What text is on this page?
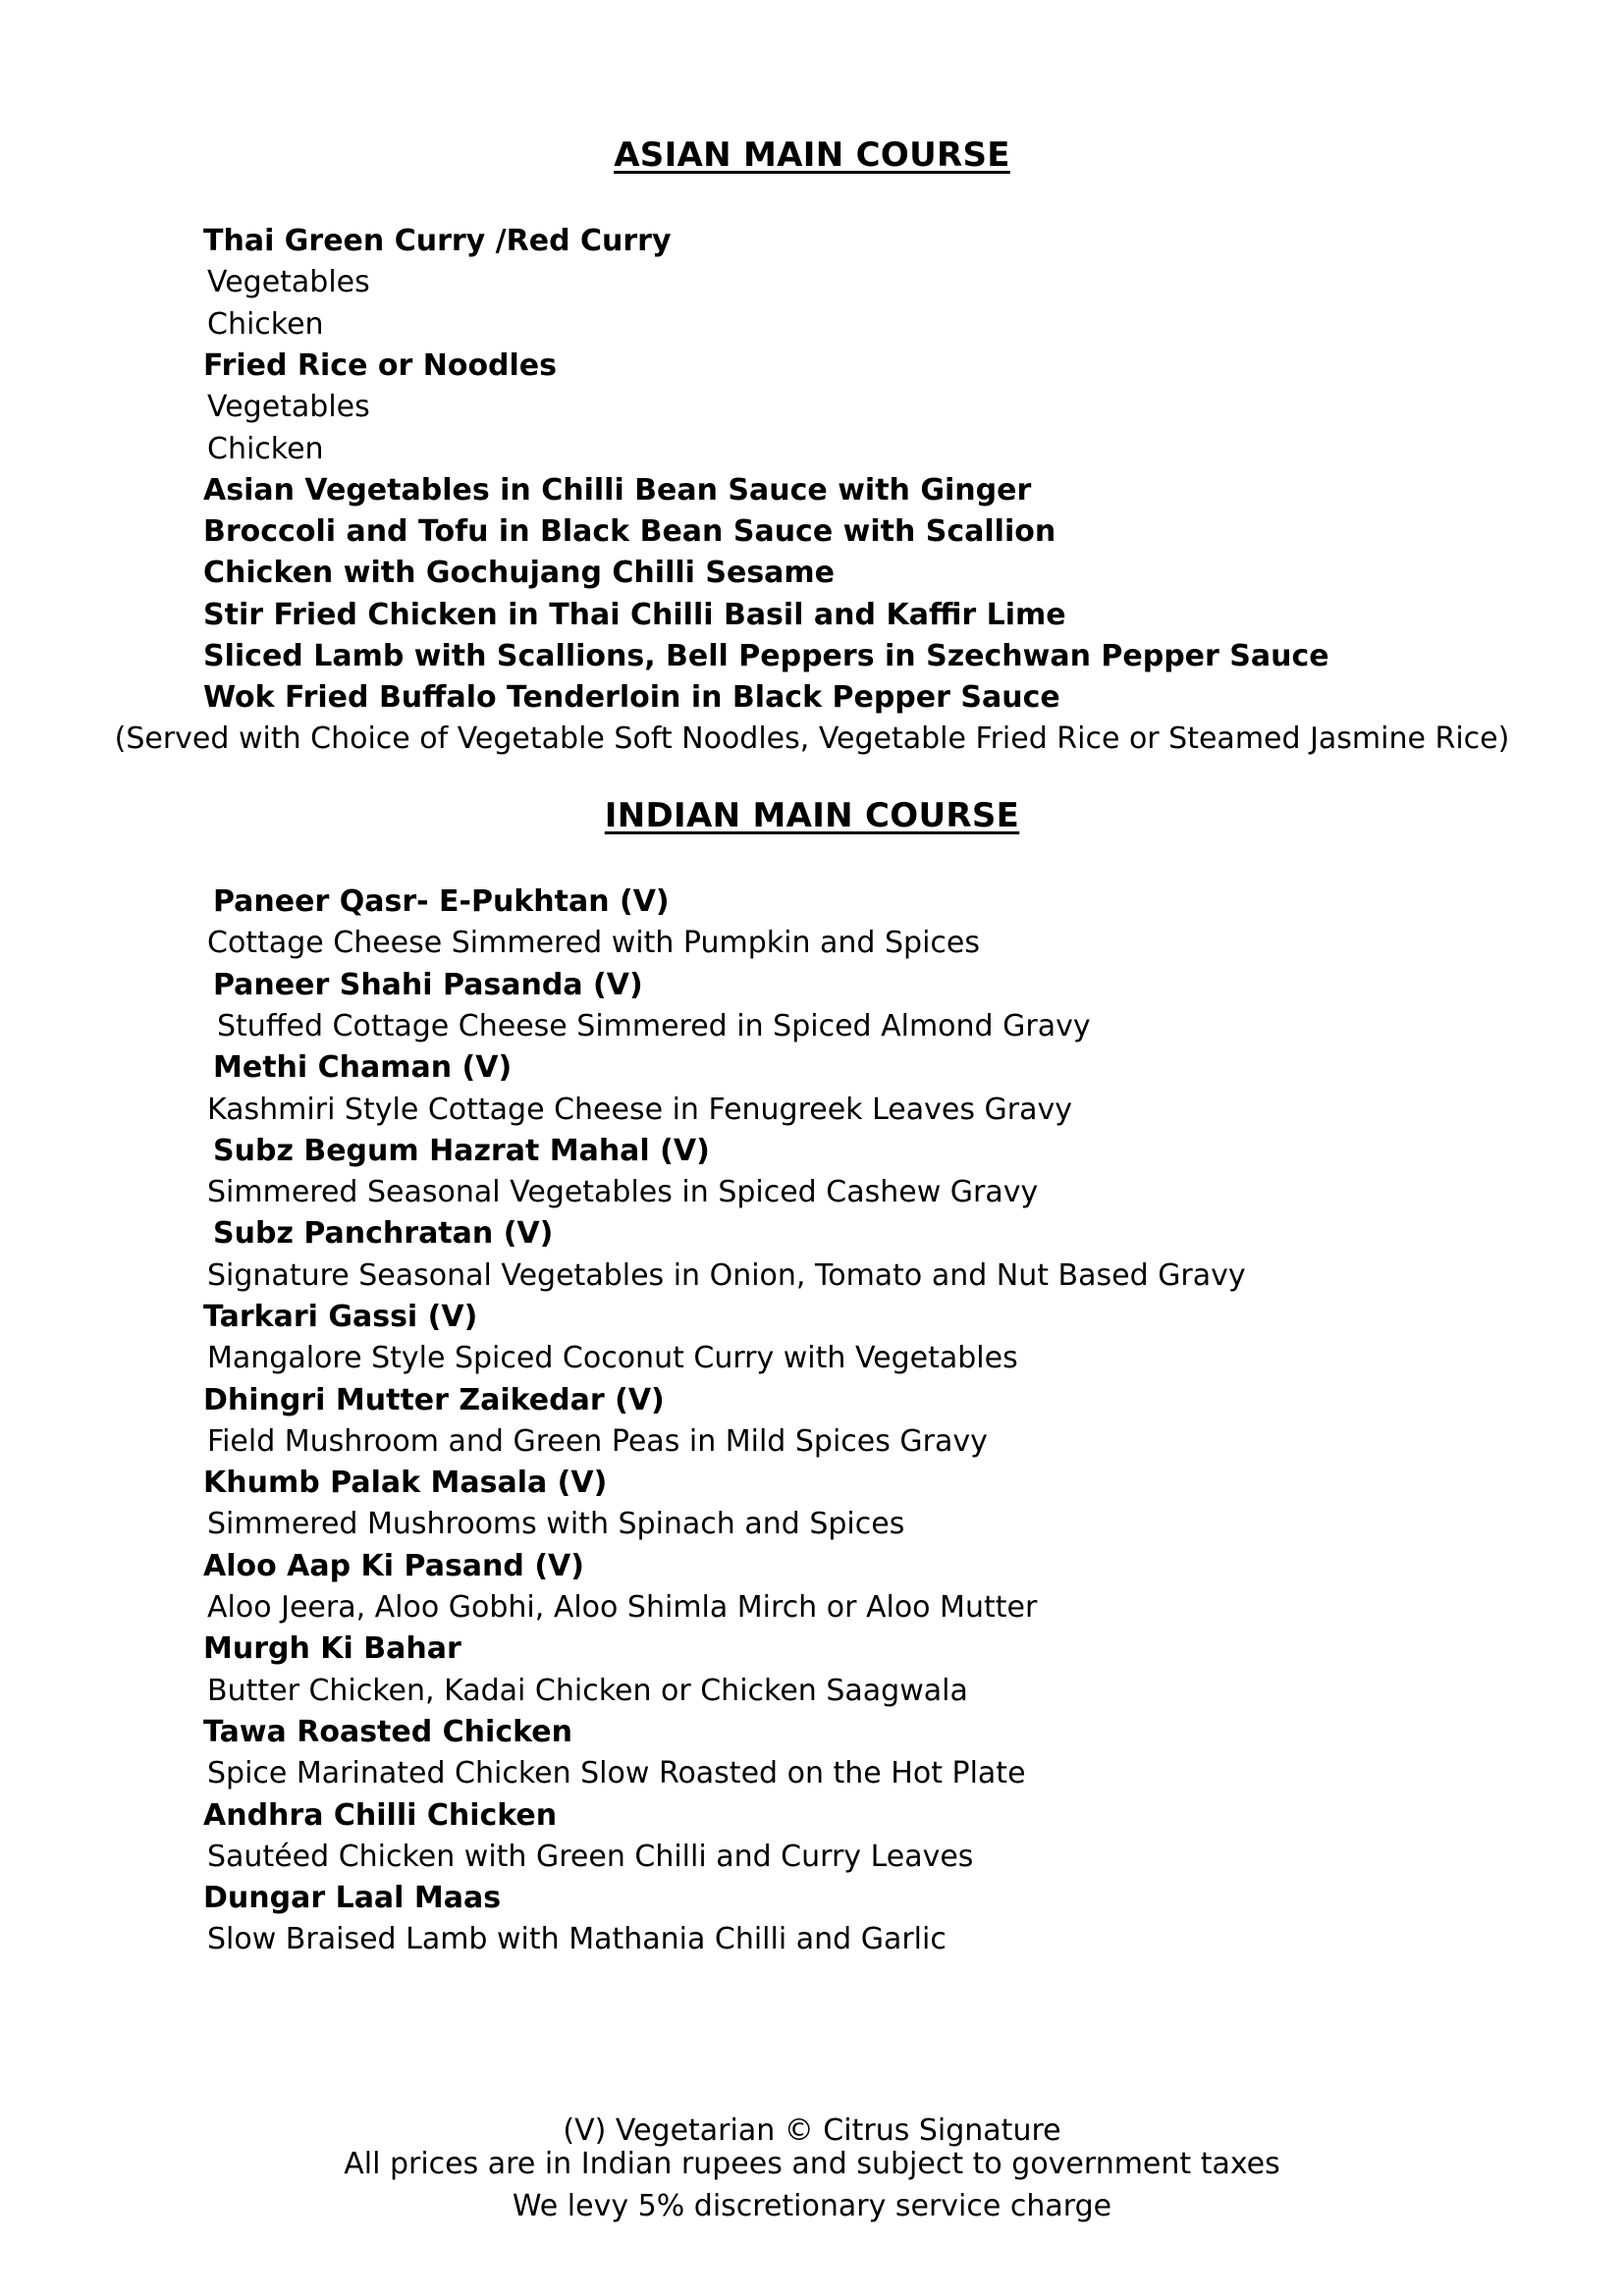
ASIAN MAIN COURSE
Thai Green Curry /Red Curry
Vegetables
Chicken
Fried Rice or Noodles
Vegetables
Chicken
Asian Vegetables in Chilli Bean Sauce with Ginger
Broccoli and Tofu in Black Bean Sauce with Scallion
Chicken with Gochujang Chilli Sesame
Stir Fried Chicken in Thai Chilli Basil and Kaffir Lime
Sliced Lamb with Scallions, Bell Peppers in Szechwan Pepper Sauce
Wok Fried Buffalo Tenderloin in Black Pepper Sauce
(Served with Choice of Vegetable Soft Noodles, Vegetable Fried Rice or Steamed Jasmine Rice)
INDIAN MAIN COURSE
Paneer Qasr- E-Pukhtan (V)
Cottage Cheese Simmered with Pumpkin and Spices
Paneer Shahi Pasanda (V)
Stuffed Cottage Cheese Simmered in Spiced Almond Gravy
Methi Chaman (V)
Kashmiri Style Cottage Cheese in Fenugreek Leaves Gravy
Subz Begum Hazrat Mahal (V)
Simmered Seasonal Vegetables in Spiced Cashew Gravy
Subz Panchratan (V)
Signature Seasonal Vegetables in Onion, Tomato and Nut Based Gravy
Tarkari Gassi (V)
Mangalore Style Spiced Coconut Curry with Vegetables
Dhingri Mutter Zaikedar (V)
Field Mushroom and Green Peas in Mild Spices Gravy
Khumb Palak Masala (V)
Simmered Mushrooms with Spinach and Spices
Aloo Aap Ki Pasand (V)
Aloo Jeera, Aloo Gobhi, Aloo Shimla Mirch or Aloo Mutter
Murgh Ki Bahar
Butter Chicken, Kadai Chicken or Chicken Saagwala
Tawa Roasted Chicken
Spice Marinated Chicken Slow Roasted on the Hot Plate
Andhra Chilli Chicken
Sautéed Chicken with Green Chilli and Curry Leaves
Dungar Laal Maas
Slow Braised Lamb with Mathania Chilli and Garlic
(V) Vegetarian © Citrus Signature
All prices are in Indian rupees and subject to government taxes
We levy 5% discretionary service charge
